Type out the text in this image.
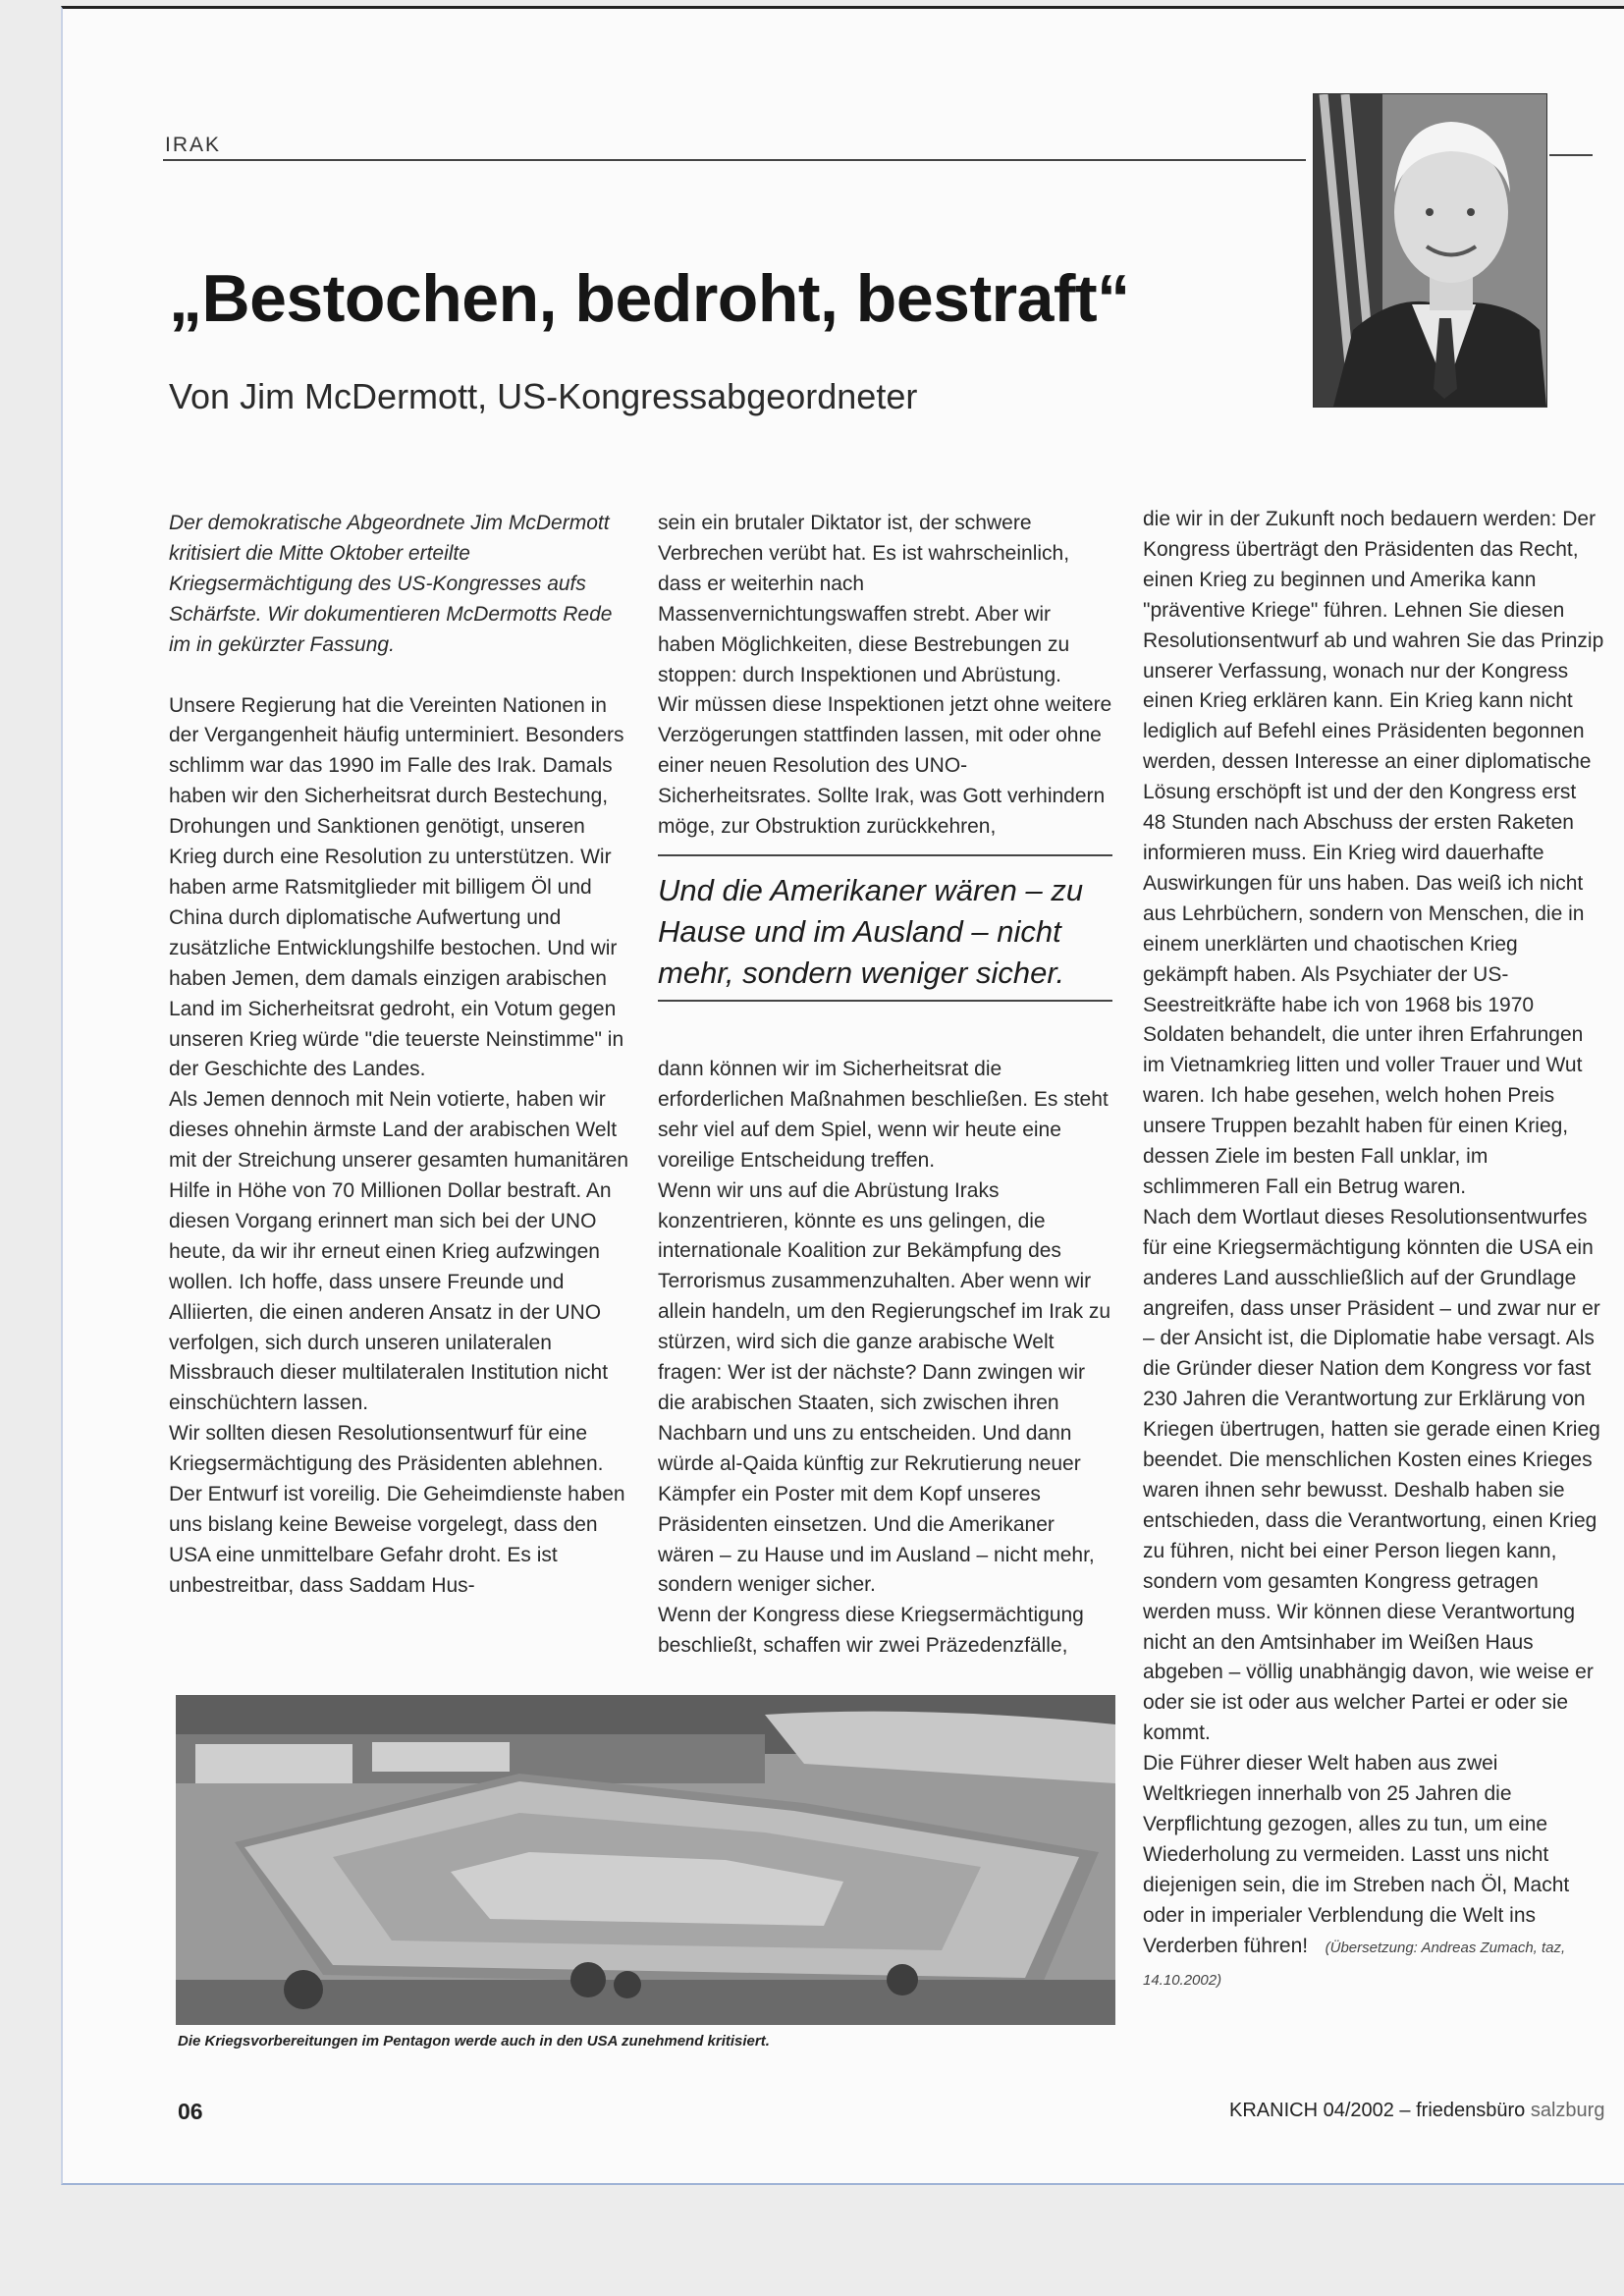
IRAK
„Bestochen, bedroht, bestraft“
Von Jim McDermott, US-Kongressabgeordneter

Der demokratische Abgeordnete Jim McDermott kritisiert die Mitte Oktober erteilte Kriegsermächtigung des US-Kongresses aufs Schärfste. Wir dokumentieren McDermotts Rede im in gekürzter Fassung.

Unsere Regierung hat die Vereinten Nationen in der Vergangenheit häufig unterminiert. Besonders schlimm war das 1990 im Falle des Irak. Damals haben wir den Sicherheitsrat durch Bestechung, Drohungen und Sanktionen genötigt, unseren Krieg durch eine Resolution zu unterstützen. Wir haben arme Ratsmitglieder mit billigem Öl und China durch diplomatische Aufwertung und zusätzliche Entwicklungshilfe bestochen. Und wir haben Jemen, dem damals einzigen arabischen Land im Sicherheitsrat gedroht, ein Votum gegen unseren Krieg würde "die teuerste Neinstimme" in der Geschichte des Landes.

Als Jemen dennoch mit Nein votierte, haben wir dieses ohnehin ärmste Land der arabischen Welt mit der Streichung unserer gesamten humanitären Hilfe in Höhe von 70 Millionen Dollar bestraft. An diesen Vorgang erinnert man sich bei der UNO heute, da wir ihr erneut einen Krieg aufzwingen wollen. Ich hoffe, dass unsere Freunde und Alliierten, die einen anderen Ansatz in der UNO verfolgen, sich durch unseren unilateralen Missbrauch dieser multilateralen Institution nicht einschüchtern lassen.

Wir sollten diesen Resolutionsentwurf für eine Kriegsermächtigung des Präsidenten ablehnen. Der Entwurf ist voreilig. Die Geheimdienste haben uns bislang keine Beweise vorgelegt, dass den USA eine unmittelbare Gefahr droht. Es ist unbestreitbar, dass Saddam Hus-

sein ein brutaler Diktator ist, der schwere Verbrechen verübt hat. Es ist wahrscheinlich, dass er weiterhin nach Massenvernichtungswaffen strebt. Aber wir haben Möglichkeiten, diese Bestrebungen zu stoppen: durch Inspektionen und Abrüstung.

Wir müssen diese Inspektionen jetzt ohne weitere Verzögerungen stattfinden lassen, mit oder ohne einer neuen Resolution des UNO-Sicherheitsrates. Sollte Irak, was Gott verhindern möge, zur Obstruktion zurückkehren,

Und die Amerikaner wären – zu Hause und im Ausland – nicht mehr, sondern weniger sicher.

dann können wir im Sicherheitsrat die erforderlichen Maßnahmen beschließen. Es steht sehr viel auf dem Spiel, wenn wir heute eine voreilige Entscheidung treffen.

Wenn wir uns auf die Abrüstung Iraks konzentrieren, könnte es uns gelingen, die internationale Koalition zur Bekämpfung des Terrorismus zusammenzuhalten. Aber wenn wir allein handeln, um den Regierungschef im Irak zu stürzen, wird sich die ganze arabische Welt fragen: Wer ist der nächste? Dann zwingen wir die arabischen Staaten, sich zwischen ihren Nachbarn und uns zu entscheiden. Und dann würde al-Qaida künftig zur Rekrutierung neuer Kämpfer ein Poster mit dem Kopf unseres Präsidenten einsetzen. Und die Amerikaner wären – zu Hause und im Ausland – nicht mehr, sondern weniger sicher.

Wenn der Kongress diese Kriegsermächtigung beschließt, schaffen wir zwei Präzedenzfälle,

die wir in der Zukunft noch bedauern werden: Der Kongress überträgt den Präsidenten das Recht, einen Krieg zu beginnen und Amerika kann "präventive Kriege" führen. Lehnen Sie diesen Resolutionsentwurf ab und wahren Sie das Prinzip unserer Verfassung, wonach nur der Kongress einen Krieg erklären kann. Ein Krieg kann nicht lediglich auf Befehl eines Präsidenten begonnen werden, dessen Interesse an einer diplomatische Lösung erschöpft ist und der den Kongress erst 48 Stunden nach Abschuss der ersten Raketen informieren muss. Ein Krieg wird dauerhafte Auswirkungen für uns haben. Das weiß ich nicht aus Lehrbüchern, sondern von Menschen, die in einem unerklärten und chaotischen Krieg gekämpft haben. Als Psychiater der US-Seestreitkräfte habe ich von 1968 bis 1970 Soldaten behandelt, die unter ihren Erfahrungen im Vietnamkrieg litten und voller Trauer und Wut waren. Ich habe gesehen, welch hohen Preis unsere Truppen bezahlt haben für einen Krieg, dessen Ziele im besten Fall unklar, im schlimmeren Fall ein Betrug waren.

Nach dem Wortlaut dieses Resolutionsentwurfes für eine Kriegsermächtigung könnten die USA ein anderes Land ausschließlich auf der Grundlage angreifen, dass unser Präsident – und zwar nur er – der Ansicht ist, die Diplomatie habe versagt. Als die Gründer dieser Nation dem Kongress vor fast 230 Jahren die Verantwortung zur Erklärung von Kriegen übertrugen, hatten sie gerade einen Krieg beendet. Die menschlichen Kosten eines Krieges waren ihnen sehr bewusst. Deshalb haben sie entschieden, dass die Verantwortung, einen Krieg zu führen, nicht bei einer Person liegen kann, sondern vom gesamten Kongress getragen werden muss. Wir können diese Verantwortung nicht an den Amtsinhaber im Weißen Haus abgeben – völlig unabhängig davon, wie weise er oder sie ist oder aus welcher Partei er oder sie kommt.

Die Führer dieser Welt haben aus zwei Weltkriegen innerhalb von 25 Jahren die Verpflichtung gezogen, alles zu tun, um eine Wiederholung zu vermeiden. Lasst uns nicht diejenigen sein, die im Streben nach Öl, Macht oder in imperialer Verblendung die Welt ins Verderben führen! (Übersetzung: Andreas Zumach, taz, 14.10.2002)

Die Kriegsvorbereitungen im Pentagon werde auch in den USA zunehmend kritisiert.
06	KRANICH 04/2002 – friedensbüro salzburg
